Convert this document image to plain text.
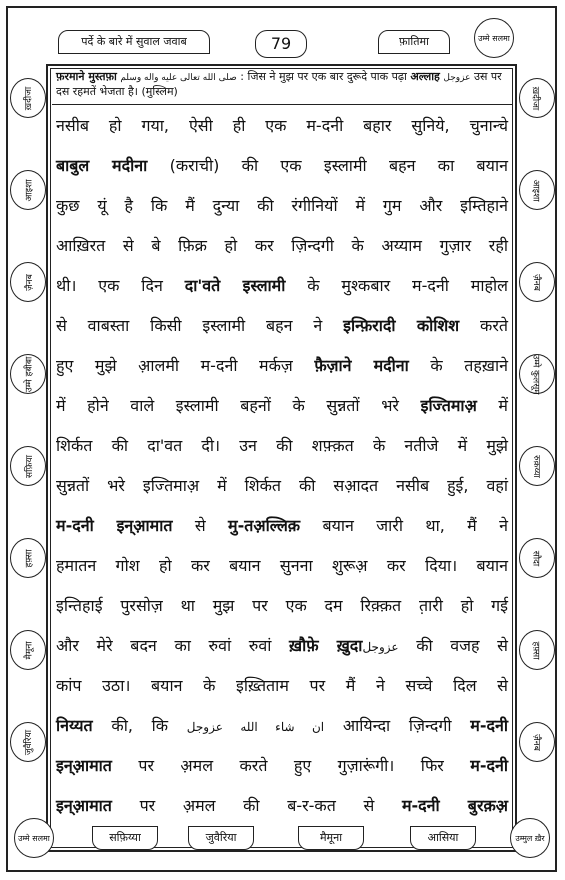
पर्दे के बारे में सुवाल जवाब	79	फ़ातिमा	उम्मे सलमा
ख़दीजा
आइशा
ज़ैनब
उम्मे हबीबा
सफ़िया
हफ़्सा
मैमूना
जुवैरिया
ख़दीजा
आइशा
ज़ैनब
उम्मे कुलसूम
रुक़य्या
सौदा
हफ़्सा
ज़ैनब
उम्मे सलमा	उम्मुल ख़ैर
सफ़िय्या	जुवैरिया	मैमूना	आसिया
फ़रमाने मुस्तफ़ा صلى الله تعالى عليه واله وسلم : जिस ने मुझ पर एक बार दुरूदे पाक पढ़ा अल्लाह عزوجل उस पर दस रहमतें भेजता है। (मुस्लिम)
नसीब हो गया, ऐसी ही एक म-दनी बहार सुनिये, चुनान्चे
बाबुल मदीना (कराची) की एक इस्लामी बहन का बयान
कुछ यूं है कि मैं दुन्या की रंगीनियों में गुम और इम्तिहाने
आख़िरत से बे फ़िक्र हो कर ज़िन्दगी के अय्याम गुज़ार रही
थी। एक दिन दा'वते इस्लामी के मुश्कबार म-दनी माहोल
से वाबस्ता किसी इस्लामी बहन ने इन्फ़िरादी कोशिश करते
हुए मुझे आ़लमी म-दनी मर्कज़ फ़ैज़ाने मदीना के तहख़ाने
में होने वाले इस्लामी बहनों के सुन्नतों भरे इज्तिमाअ़ में
शिर्कत की दा'वत दी। उन की शफ़्क़त के नतीजे में मुझे
सुन्नतों भरे इज्तिमाअ़ में शिर्कत की सआ़दत नसीब हुई, वहां
म-दनी इन्आ़मात से मु-तअ़ल्लिक़ बयान जारी था, मैं ने
हमातन गोश हो कर बयान सुनना शुरूअ़ कर दिया। बयान
इन्तिहाई पुरसोज़ था मुझ पर एक दम रिक़्क़त त़ारी हो गई
और मेरे बदन का रुवां रुवां ख़ौफ़े ख़ुदाعزوجل की वजह से
कांप उठा। बयान के इख़्तिताम पर मैं ने सच्चे दिल से
निय्यत की, कि ان شاء الله عزوجل आयिन्दा ज़िन्दगी म-दनी
इन्आ़मात पर अ़मल करते हुए गुज़ारूंगी। फिर म-दनी
इन्आ़मात पर अ़मल की ब-र-कत से म-दनी बुरक़अ़
